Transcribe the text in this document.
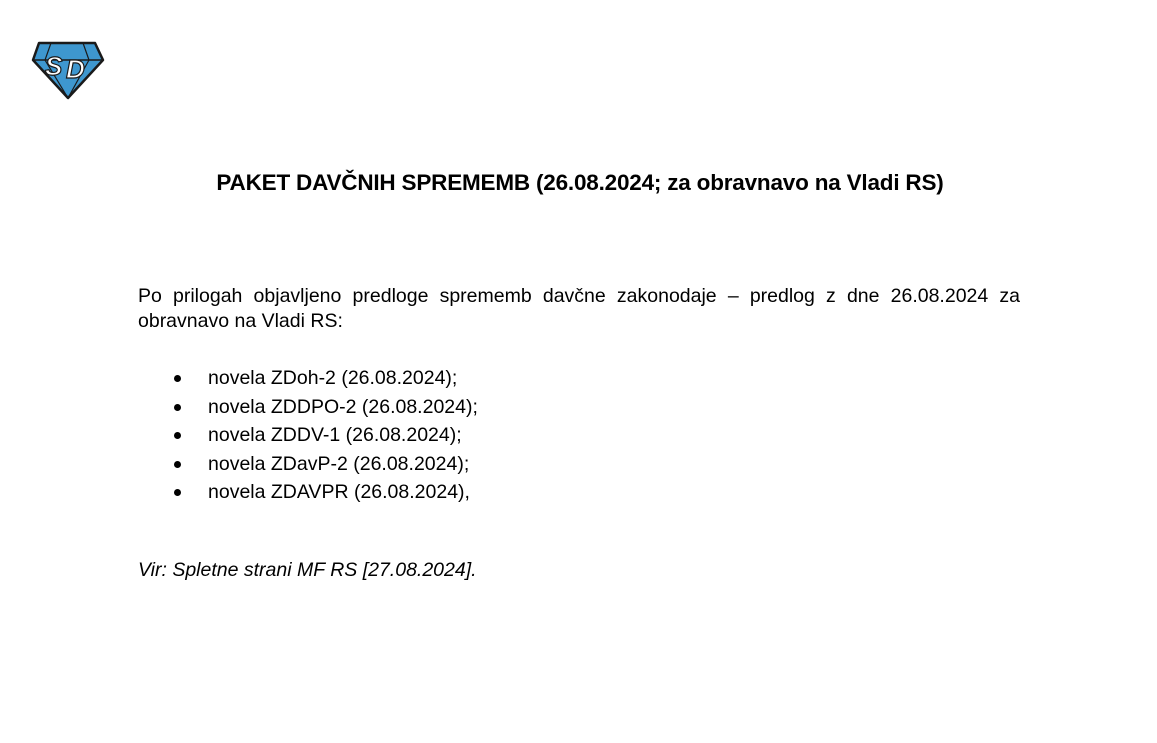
S D
PAKET DAVČNIH SPREMEMB (26.08.2024; za obravnavo na Vladi RS)
Po prilogah objavljeno predloge sprememb davčne zakonodaje – predlog z dne 26.08.2024 za obravnavo na Vladi RS:
novela ZDoh-2 (26.08.2024);
novela ZDDPO-2 (26.08.2024);
novela ZDDV-1 (26.08.2024);
novela ZDavP-2 (26.08.2024);
novela ZDAVPR (26.08.2024),
Vir: Spletne strani MF RS [27.08.2024].
